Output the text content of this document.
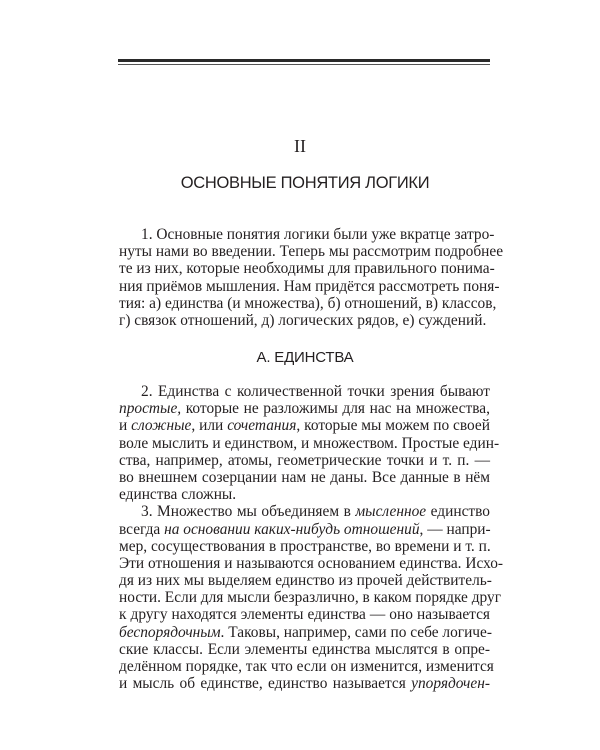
II
ОСНОВНЫЕ ПОНЯТИЯ ЛОГИКИ
1. Основные понятия логики были уже вкратце затро-
нуты нами во введении. Теперь мы рассмотрим подробнее
те из них, которые необходимы для правильного понима-
ния приёмов мышления. Нам придётся рассмотреть поня-
тия: а) единства (и множества), б) отношений, в) классов,
г) связок отношений, д) логических рядов, е) суждений.
А. ЕДИНСТВА
2. Единства с количественной точки зрения бывают
простые, которые не разложимы для нас на множества,
и сложные, или сочетания, которые мы можем по своей
воле мыслить и единством, и множеством. Простые един-
ства, например, атомы, геометрические точки и т. п. —
во внешнем созерцании нам не даны. Все данные в нём
единства сложны.
3. Множество мы объединяем в мысленное единство
всегда на основании каких-нибудь отношений, — напри-
мер, сосуществования в пространстве, во времени и т. п.
Эти отношения и называются основанием единства. Исхо-
дя из них мы выделяем единство из прочей действитель-
ности. Если для мысли безразлично, в каком порядке друг
к другу находятся элементы единства — оно называется
беспорядочным. Таковы, например, сами по себе логиче-
ские классы. Если элементы единства мыслятся в опре-
делённом порядке, так что если он изменится, изменится
и мысль об единстве, единство называется упорядочен-
